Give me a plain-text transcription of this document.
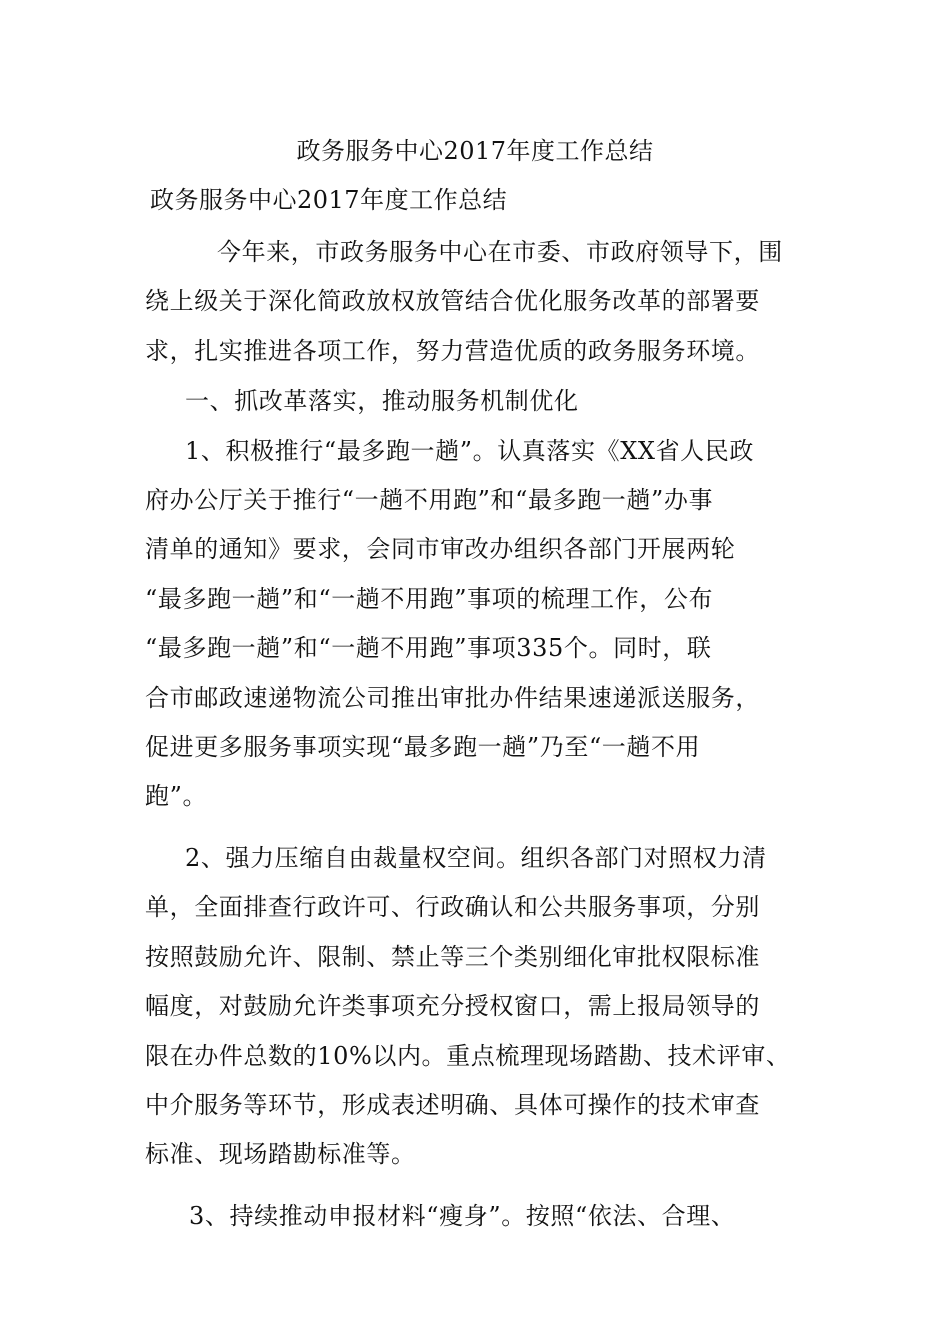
政务服务中心2017年度工作总结
政务服务中心2017年度工作总结

今年来，市政务服务中心在市委、市政府领导下，围
绕上级关于深化简政放权放管结合优化服务改革的部署要
求，扎实推进各项工作，努力营造优质的政务服务环境。

一、抓改革落实，推动服务机制优化

1、积极推行“最多跑一趟”。认真落实《XX省人民政
府办公厅关于推行“一趟不用跑”和“最多跑一趟”办事
清单的通知》要求，会同市审改办组织各部门开展两轮
“最多跑一趟”和“一趟不用跑”事项的梳理工作，公布
“最多跑一趟”和“一趟不用跑”事项335个。同时，联
合市邮政速递物流公司推出审批办件结果速递派送服务，
促进更多服务事项实现“最多跑一趟”乃至“一趟不用
跑”。

2、强力压缩自由裁量权空间。组织各部门对照权力清
单，全面排查行政许可、行政确认和公共服务事项，分别
按照鼓励允许、限制、禁止等三个类别细化审批权限标准
幅度，对鼓励允许类事项充分授权窗口，需上报局领导的
限在办件总数的10%以内。重点梳理现场踏勘、技术评审、
中介服务等环节，形成表述明确、具体可操作的技术审查
标准、现场踏勘标准等。

3、持续推动申报材料“瘦身”。按照“依法、合理、
